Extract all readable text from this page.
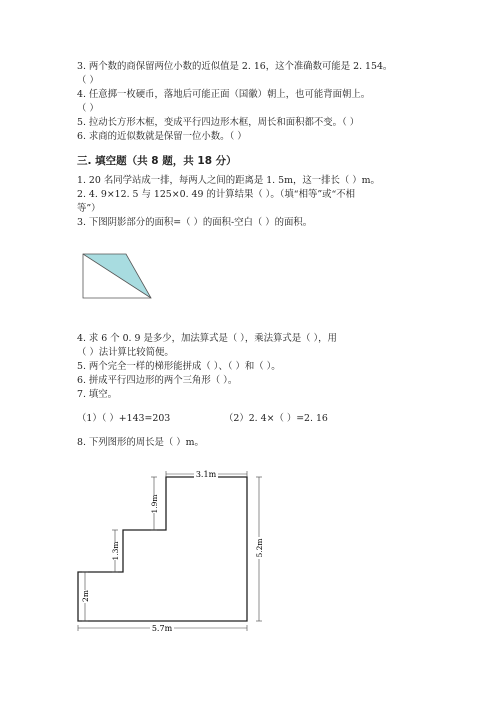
3. 两个数的商保留两位小数的近似值是 2. 16，这个准确数可能是 2. 154。
（ ）
4. 任意掷一枚硬币，落地后可能正面（国徽）朝上，也可能背面朝上。
（ ）
5. 拉动长方形木框，变成平行四边形木框，周长和面积都不变。（ ）
6. 求商的近似数就是保留一位小数。（ ）
三. 填空题（共 8 题，共 18 分）
1. 20 名同学站成一排，每两人之间的距离是 1. 5m，这一排长（ ）m。
2. 4. 9×12. 5 与 125×0. 49 的计算结果（ ）。（填“相等”或“不相
等”）
3. 下图阴影部分的面积=（ ）的面积-空白（ ）的面积。
4. 求 6 个 0. 9 是多少，加法算式是（ ），乘法算式是（ ），用
（ ）法计算比较简便。
5. 两个完全一样的梯形能拼成（ ）、（ ）和（ ）。
6. 拼成平行四边形的两个三角形（ ）。
7. 填空。
（1）（ ）+143=203	（2）2. 4×（ ）=2. 16
8. 下列图形的周长是（ ）m。
3.1m
1.9m
1.3m
2m
5.7m
5.2m
